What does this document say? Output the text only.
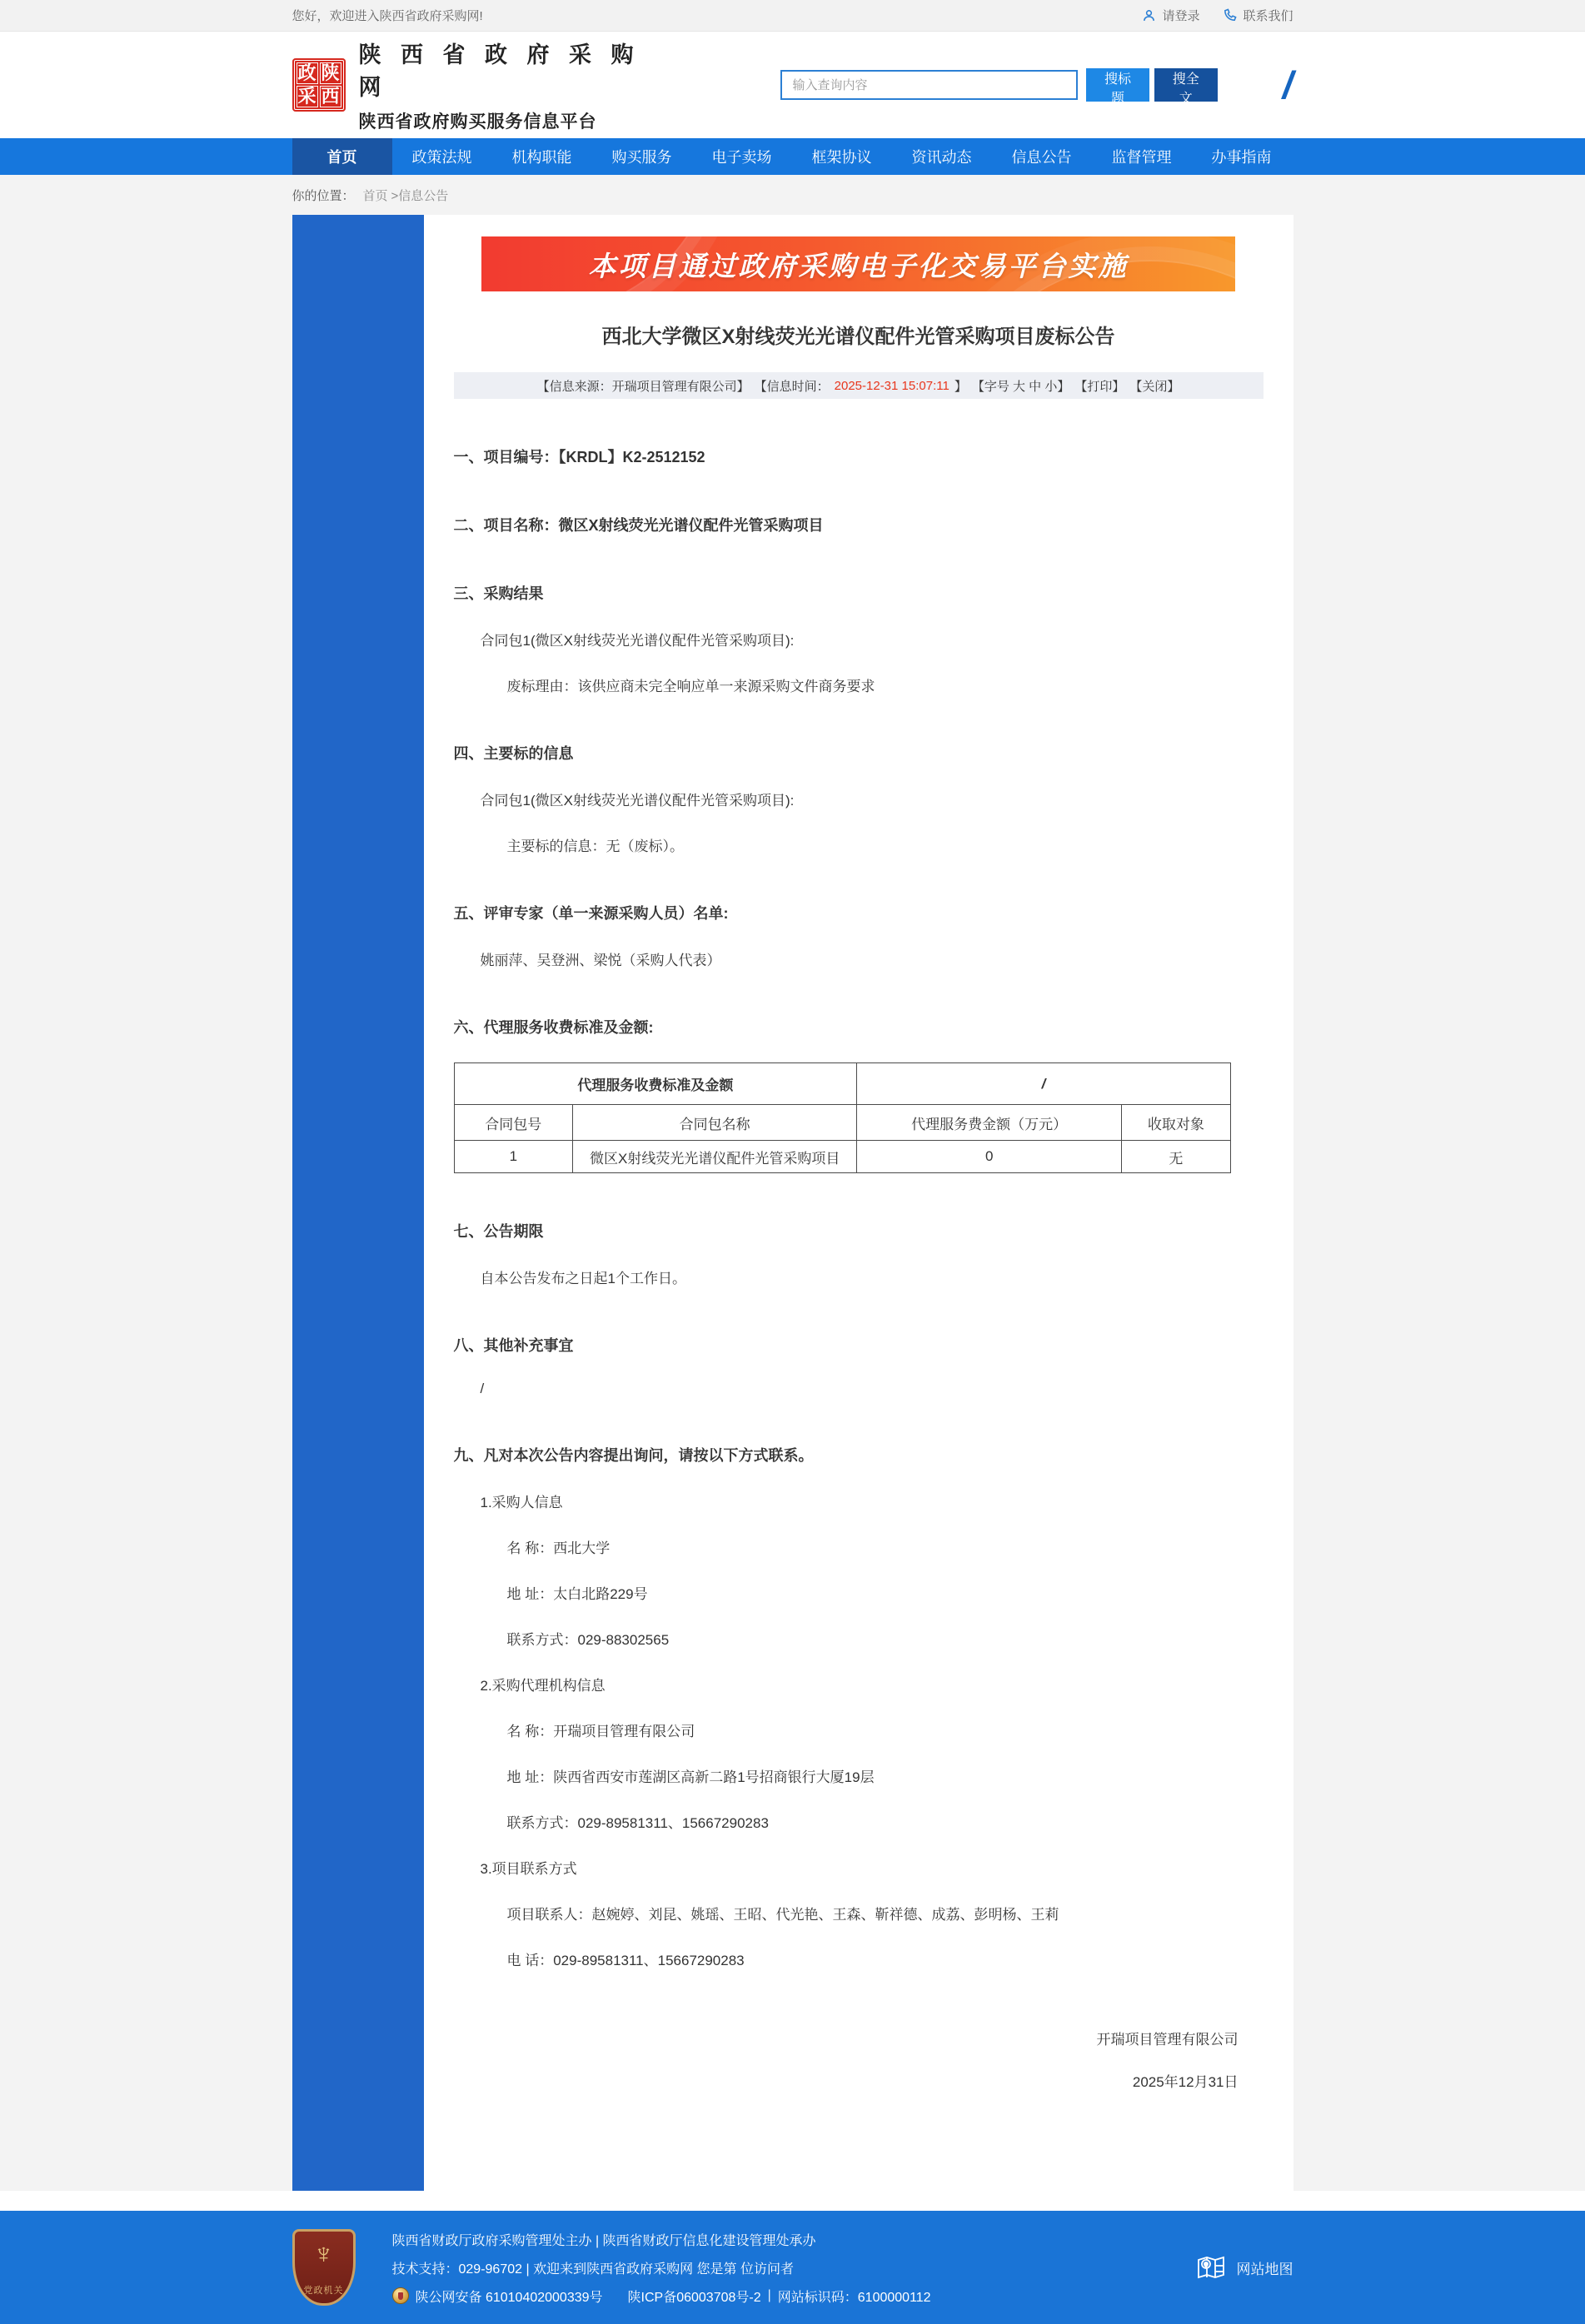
您好，欢迎进入陕西省政府采购网!	请登录	联系我们
政 陕
采 西
陕 西 省 政 府 采 购 网
陕西省政府购买服务信息平台
输入查询内容
搜标题
搜全文	/
首页	政策法规	机构职能	购买服务	电子卖场	框架协议	资讯动态	信息公告	监督管理	办事指南
你的位置： 首页 >信息公告
本项目通过政府采购电子化交易平台实施
西北大学微区X射线荧光光谱仪配件光管采购项目废标公告
【信息来源：开瑞项目管理有限公司】 【信息时间： 2025-12-31 15:07:11 】 【字号 大 中 小】 【打印】 【关闭】
一、项目编号：【KRDL】K2-2512152
二、项目名称：微区X射线荧光光谱仪配件光管采购项目
三、采购结果

合同包1(微区X射线荧光光谱仪配件光管采购项目):

废标理由：该供应商未完全响应单一来源采购文件商务要求

四、主要标的信息

合同包1(微区X射线荧光光谱仪配件光管采购项目):

主要标的信息：无（废标）。

五、评审专家（单一来源采购人员）名单:

姚丽萍、吴登洲、梁悦（采购人代表）

六、代理服务收费标准及金额:
代理服务收费标准及金额		/	
合同包号	合同包名称	代理服务费金额（万元）	收取对象
1	微区X射线荧光光谱仪配件光管采购项目	0	无
七、公告期限

自本公告发布之日起1个工作日。

八、其他补充事宜

/

九、凡对本次公告内容提出询问，请按以下方式联系。

1.采购人信息

名 称：西北大学

地 址：太白北路229号

联系方式：029-88302565

2.采购代理机构信息

名 称：开瑞项目管理有限公司

地 址：陕西省西安市莲湖区高新二路1号招商银行大厦19层

联系方式：029-89581311、15667290283

3.项目联系方式

项目联系人：赵婉婷、刘昆、姚瑶、王昭、代光艳、王森、靳祥德、成荔、彭明杨、王莉

电 话：029-89581311、15667290283

开瑞项目管理有限公司
2025年12月31日
♆
党政机关
陕西省财政厅政府采购管理处主办 | 陕西省财政厅信息化建设管理处承办
技术支持：029-96702 | 欢迎来到陕西省政府采购网 您是第 位访问者
陕公网安备 61010402000339号 陕ICP备06003708号-2 | 网站标识码：6100000112
网站地图
